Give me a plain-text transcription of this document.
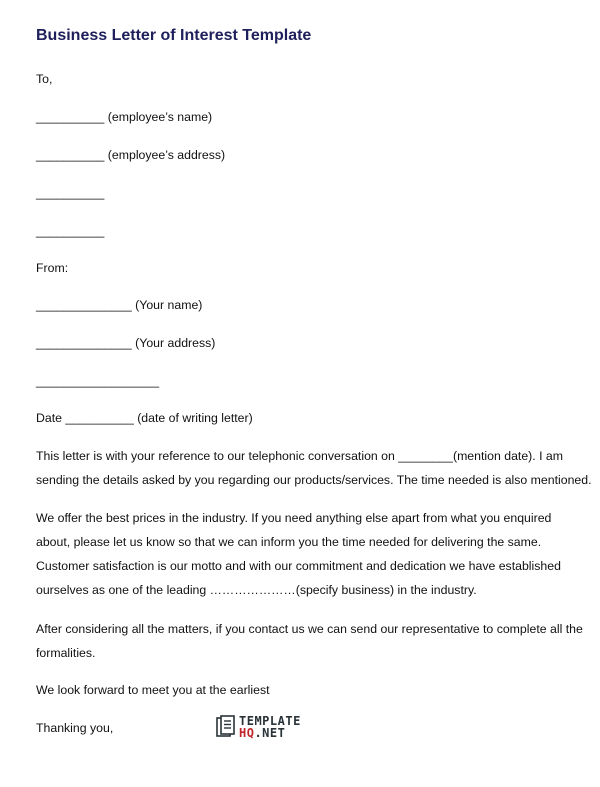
Business Letter of Interest Template
To,
__________ (employee’s name)
__________ (employee’s address)
__________
__________
From:
______________ (Your name)
______________ (Your address)
__________________
Date __________ (date of writing letter)
This letter is with your reference to our telephonic conversation on ________(mention date). I am
sending the details asked by you regarding our products/services. The time needed is also mentioned.
We offer the best prices in the industry. If you need anything else apart from what you enquired
about, please let us know so that we can inform you the time needed for delivering the same.
Customer satisfaction is our motto and with our commitment and dedication we have established
ourselves as one of the leading …………………(specify business) in the industry.
After considering all the matters, if you contact us we can send our representative to complete all the
formalities.
We look forward to meet you at the earliest
Thanking you,	TEMPLATE
HQ.NET
